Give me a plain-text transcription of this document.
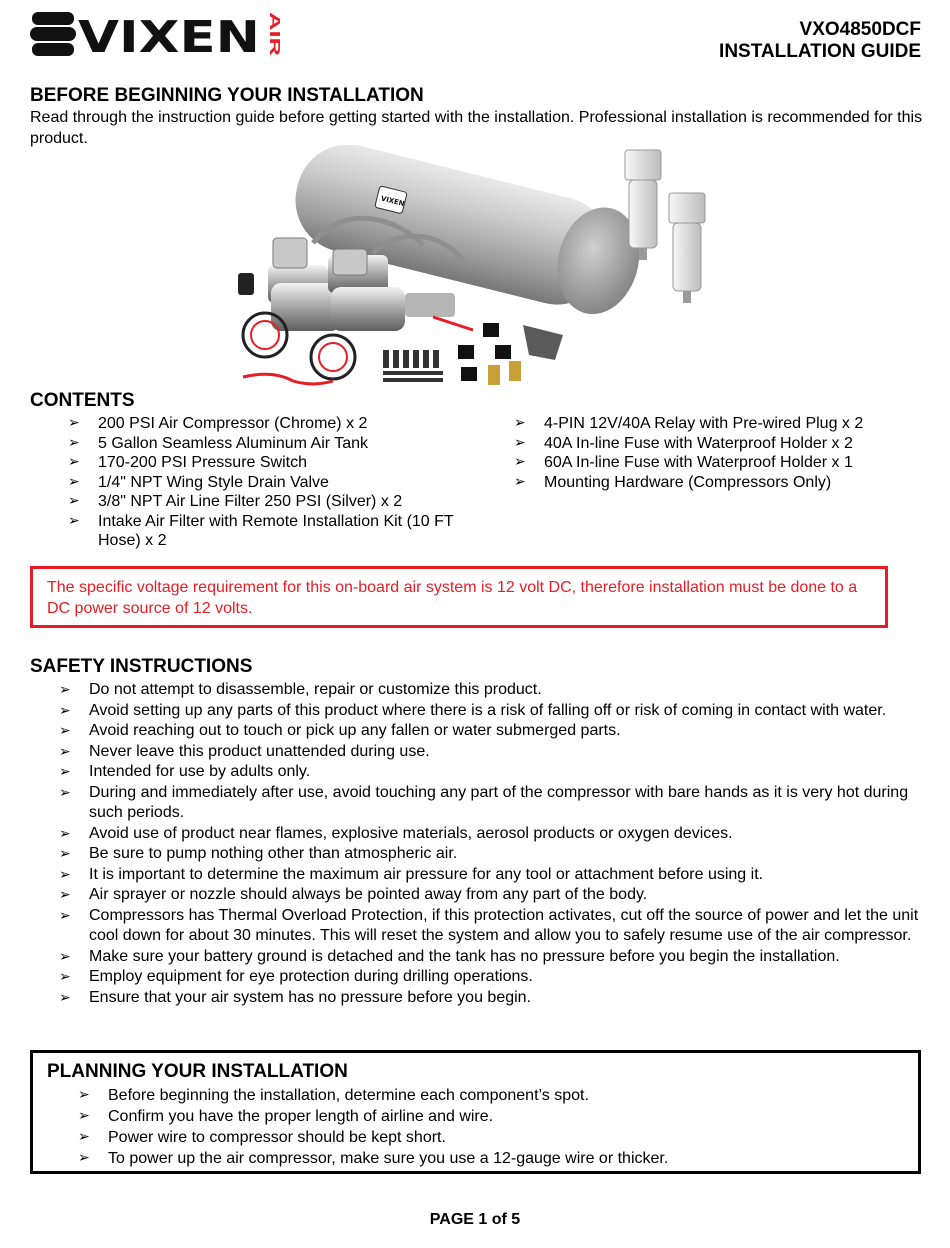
VIXEN AIR	VXO4850DCF
INSTALLATION GUIDE
BEFORE BEGINNING YOUR INSTALLATION
Read through the instruction guide before getting started with the installation. Professional installation is recommended for this product.
VIXEN
CONTENTS
➢ 200 PSI Air Compressor (Chrome) x 2
➢ 5 Gallon Seamless Aluminum Air Tank
➢ 170-200 PSI Pressure Switch
➢ 1/4" NPT Wing Style Drain Valve
➢ 3/8" NPT Air Line Filter 250 PSI (Silver) x 2
➢ Intake Air Filter with Remote Installation Kit (10 FT Hose) x 2
➢ 4-PIN 12V/40A Relay with Pre-wired Plug x 2
➢ 40A In-line Fuse with Waterproof Holder x 2
➢ 60A In-line Fuse with Waterproof Holder x 1
➢ Mounting Hardware (Compressors Only)
The specific voltage requirement for this on-board air system is 12 volt DC, therefore installation must be done to a DC power source of 12 volts.
SAFETY INSTRUCTIONS
➢ Do not attempt to disassemble, repair or customize this product.
➢ Avoid setting up any parts of this product where there is a risk of falling off or risk of coming in contact with water.
➢ Avoid reaching out to touch or pick up any fallen or water submerged parts.
➢ Never leave this product unattended during use.
➢ Intended for use by adults only.
➢ During and immediately after use, avoid touching any part of the compressor with bare hands as it is very hot during such periods.
➢ Avoid use of product near flames, explosive materials, aerosol products or oxygen devices.
➢ Be sure to pump nothing other than atmospheric air.
➢ It is important to determine the maximum air pressure for any tool or attachment before using it.
➢ Air sprayer or nozzle should always be pointed away from any part of the body.
➢ Compressors has Thermal Overload Protection, if this protection activates, cut off the source of power and let the unit cool down for about 30 minutes. This will reset the system and allow you to safely resume use of the air compressor.
➢ Make sure your battery ground is detached and the tank has no pressure before you begin the installation.
➢ Employ equipment for eye protection during drilling operations.
➢ Ensure that your air system has no pressure before you begin.
PLANNING YOUR INSTALLATION
➢ Before beginning the installation, determine each component’s spot.
➢ Confirm you have the proper length of airline and wire.
➢ Power wire to compressor should be kept short.
➢ To power up the air compressor, make sure you use a 12-gauge wire or thicker.
PAGE 1 of 5
